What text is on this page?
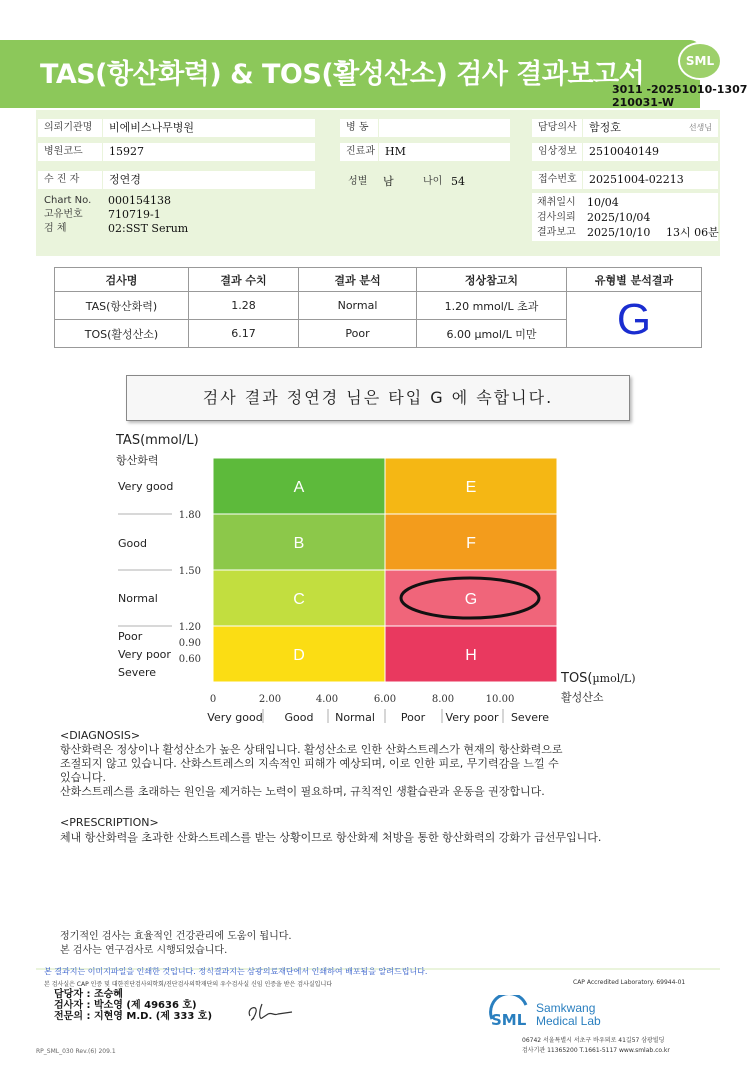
TAS(항산화력) & TOS(활성산소) 검사 결과보고서	SML
3011 -20251010-1307
210031-W
의뢰기관명	비에비스나무병원
병원코드	15927
수 진 자	정연경
Chart No. 000154138
고유번호 710719-1
검 체	02:SST Serum
병 동
진료과 HM
성별 남	나이 54
담당의사	함정호	선생님
임상정보	2510040149
접수번호	20251004-02213
채취일시 10/04
검사의뢰 2025/10/04
결과보고 2025/10/10 13시 06분
검사명	결과 수치	결과 분석	정상참고치	유형별 분석결과
TAS(항산화력)	1.28	Normal	1.20 mmol/L 초과	G
TOS(활성산소)	6.17	Poor	6.00 µmol/L 미만	
검사 결과 정연경 님은 타입 G 에 속합니다.
TAS(mmol/L)
항산화력
A	E
B	F
C	G
D	H
1.80
1.50
1.20
0.90
0.60
Very good
Good
Normal
Poor
Very poor
Severe
0	2.00	4.00	6.00	8.00	10.00
Very good Good Normal Poor Very poor Severe
TOS(µmol/L)
활성산소
<DIAGNOSIS>
항산화력은 정상이나 활성산소가 높은 상태입니다. 활성산소로 인한 산화스트레스가 현재의 항산화력으로
조절되지 않고 있습니다. 산화스트레스의 지속적인 피해가 예상되며, 이로 인한 피로, 무기력감을 느낄 수
있습니다.
산화스트레스를 초래하는 원인을 제거하는 노력이 필요하며, 규칙적인 생활습관과 운동을 권장합니다.
<PRESCRIPTION>
체내 항산화력을 초과한 산화스트레스를 받는 상황이므로 항산화제 처방을 통한 항산화력의 강화가 급선무입니다.
정기적인 검사는 효율적인 건강관리에 도움이 됩니다.
본 검사는 연구검사로 시행되었습니다.
본 결과지는 이미지파일을 인쇄한 것입니다. 정식결과지는 삼광의료재단에서 인쇄하여 배포됨을 알려드립니다.
본 검사실은 CAP 인증 및 대한진단검사의학회/진단검사의학재단의 우수검사실 신임 인증을 받은 검사실입니다	CAP Accredited Laboratory. 69944-01
담당자 : 조승혜
검사자 : 박소영 (제 49636 호)
전문의 : 지현영 M.D. (제 333 호)	SML
Samkwang
Medical Lab
06742 서울특별시 서초구 바우뫼로 41길57 삼광빌딩
검사기관 11365200 T.1661-5117 www.smlab.co.kr
RP_SML_030 Rev.(6) 209.1
